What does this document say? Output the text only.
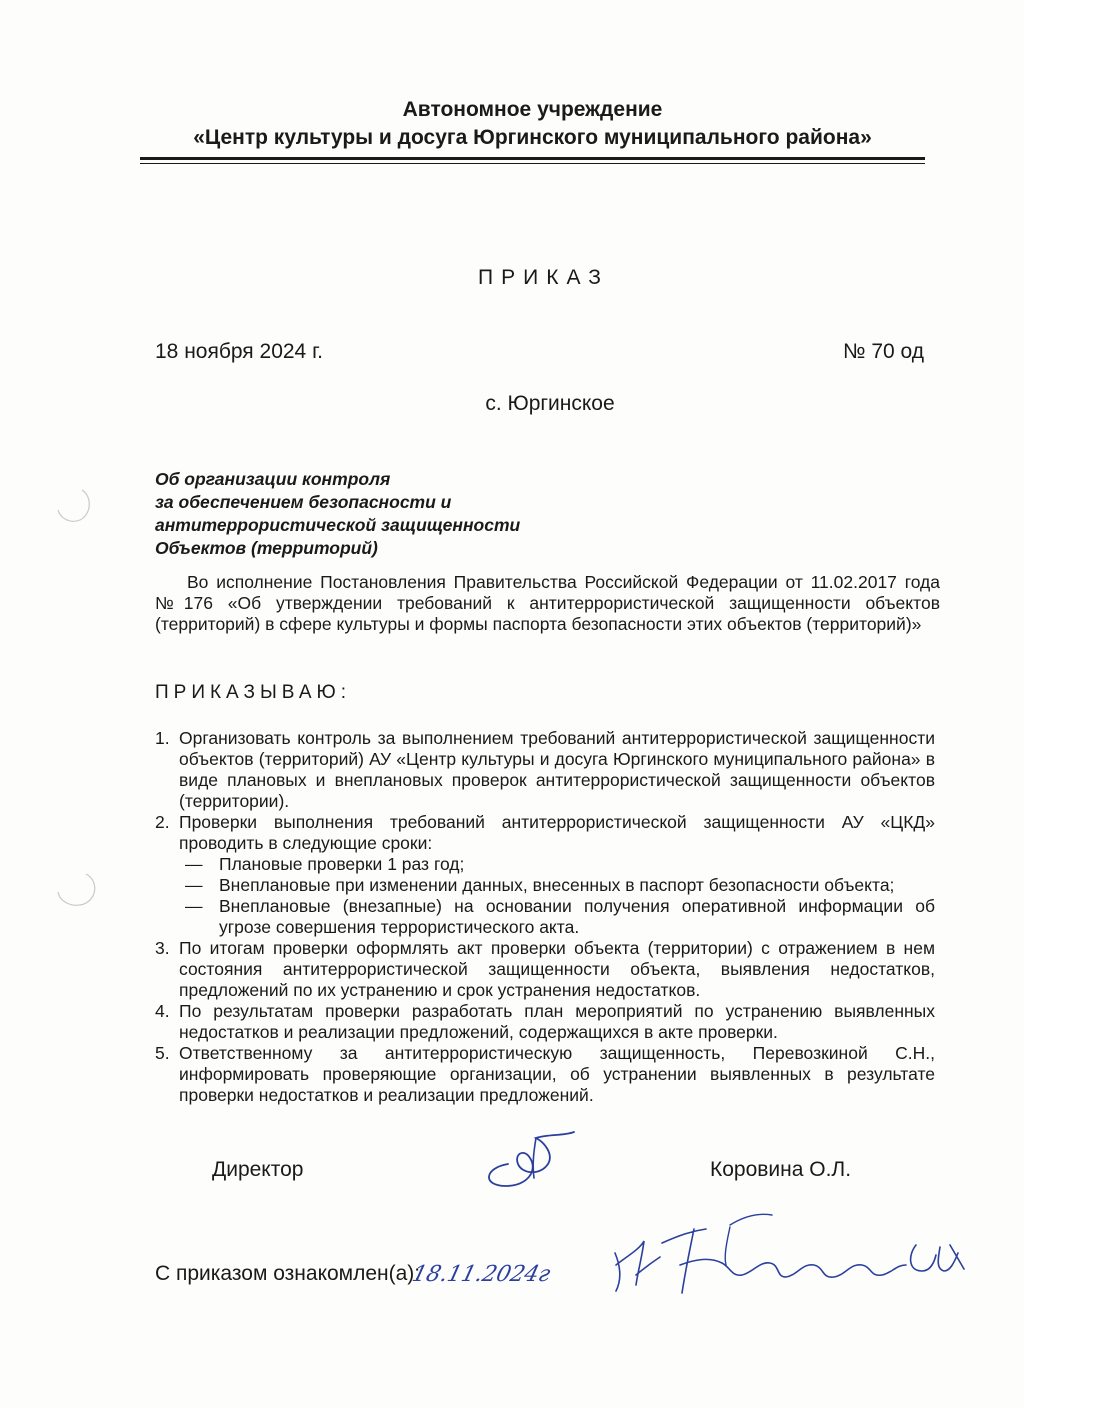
Автономное учреждение
«Центр культуры и досуга Юргинского муниципального района»
ПРИКАЗ
18 ноября 2024 г.	№ 70 од
с. Юргинское
Об организации контроля
за обеспечением безопасности и
антитеррористической защищенности
Объектов (территорий)
Во исполнение Постановления Правительства Российской Федерации от 11.02.2017 года №176 «Об утверждении требований к антитеррористической защищенности объектов (территорий) в сфере культуры и формы паспорта безопасности этих объектов (территорий)»
ПРИКАЗЫВАЮ:
1. Организовать контроль за выполнением требований антитеррористической защищенности объектов (территорий) АУ «Центр культуры и досуга Юргинского муниципального района» в виде плановых и внеплановых проверок антитеррористической защищенности объектов (территории).
2. Проверки выполнения требований антитеррористической защищенности АУ «ЦКД» проводить в следующие сроки:
— Плановые проверки 1 раз год;
— Внеплановые при изменении данных, внесенных в паспорт безопасности объекта;
— Внеплановые (внезапные) на основании получения оперативной информации об угрозе совершения террористического акта.
3. По итогам проверки оформлять акт проверки объекта (территории) с отражением в нем состояния антитеррористической защищенности объекта, выявления недостатков, предложений по их устранению и срок устранения недостатков.
4. По результатам проверки разработать план мероприятий по устранению выявленных недостатков и реализации предложений, содержащихся в акте проверки.
5. Ответственному за антитеррористическую защищенность, Перевозкиной С.Н., информировать проверяющие организации, об устранении выявленных в результате проверки недостатков и реализации предложений.
Директор	Коровина О.Л.
С приказом ознакомлен(а):
18.11.2024г
